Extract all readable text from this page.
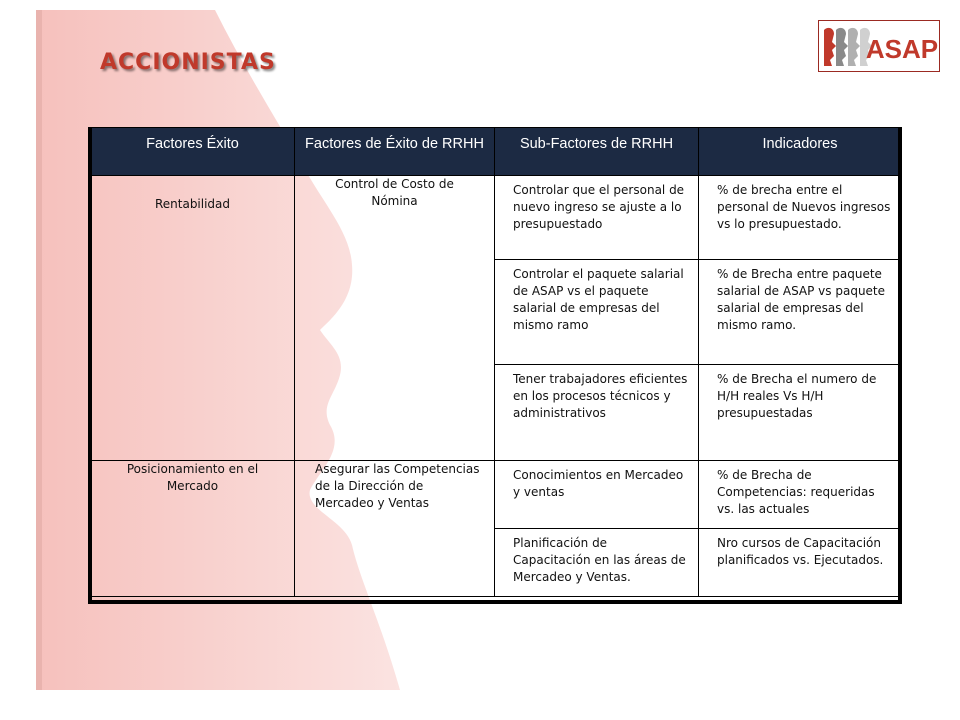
ACCIONISTAS	ASAP
Factores Éxito	Factores de Éxito de RRHH	Sub-Factores de RRHH	Indicadores
Rentabilidad	Control de Costo de Nómina	Controlar que el personal de nuevo ingreso se ajuste a lo presupuestado	% de brecha entre el personal de Nuevos ingresos vs lo presupuestado.
		Controlar el paquete salarial de ASAP vs el paquete salarial de empresas del mismo ramo	% de Brecha entre paquete salarial de ASAP vs paquete salarial de empresas del mismo ramo.
		Tener trabajadores eficientes en los procesos técnicos y administrativos	% de Brecha el numero de H/H reales Vs H/H presupuestadas
Posicionamiento en el Mercado	Asegurar las Competencias de la Dirección de Mercadeo y Ventas	Conocimientos en Mercadeo y ventas	% de Brecha de Competencias: requeridas vs. las actuales
		Planificación de Capacitación en las áreas de Mercadeo y Ventas.	Nro cursos de Capacitación planificados vs. Ejecutados.
